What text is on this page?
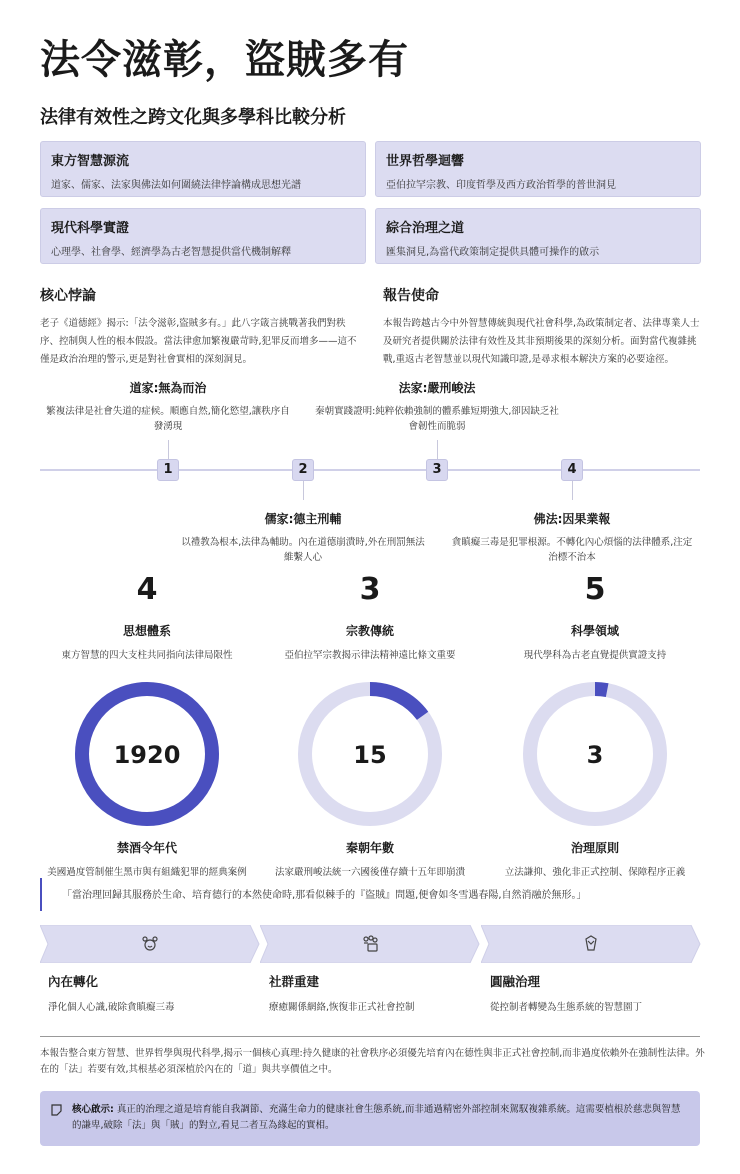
法令滋彰，盜賊多有
法律有效性之跨文化與多學科比較分析
東方智慧源流
道家、儒家、法家與佛法如何圍繞法律悖論構成思想光譜
世界哲學迴響
亞伯拉罕宗教、印度哲學及西方政治哲學的普世洞見
現代科學實證
心理學、社會學、經濟學為古老智慧提供當代機制解釋
綜合治理之道
匯集洞見,為當代政策制定提供具體可操作的啟示
核心悖論
老子《道德經》揭示:「法令滋彰,盜賊多有。」此八字箴言挑戰著我們對秩序、控制與人性的根本假設。當法律愈加繁複嚴苛時,犯罪反而增多——這不僅是政治治理的警示,更是對社會實相的深刻洞見。
報告使命
本報告跨越古今中外智慧傳統與現代社會科學,為政策制定者、法律專業人士及研究者提供關於法律有效性及其非預期後果的深刻分析。面對當代複雜挑戰,重返古老智慧並以現代知識印證,是尋求根本解決方案的必要途徑。
1	2	3	4
道家:無為而治
繁複法律是社會失道的症候。順應自然,簡化慾望,讓秩序自發湧現
儒家:德主刑輔
以禮教為根本,法律為輔助。內在道德崩潰時,外在刑罰無法維繫人心
法家:嚴刑峻法
秦朝實踐證明:純粹依賴強制的體系雖短期強大,卻因缺乏社會韌性而脆弱
佛法:因果業報
貪瞋癡三毒是犯罪根源。不轉化內心煩惱的法律體系,注定治標不治本
4
思想體系
東方智慧的四大支柱共同指向法律局限性
1920
禁酒令年代
美國過度管制催生黑市與有組織犯罪的經典案例
3
宗教傳統
亞伯拉罕宗教揭示律法精神遠比條文重要
15
秦朝年數
法家嚴刑峻法統一六國後僅存續十五年即崩潰
5
科學領域
現代學科為古老直覺提供實證支持
3
治理原則
立法謙抑、強化非正式控制、保障程序正義
「當治理回歸其服務於生命、培育德行的本然使命時,那看似棘手的『盜賊』問題,便會如冬雪遇春陽,自然消融於無形。」
內在轉化
淨化個人心識,破除貪瞋癡三毒
社群重建
療癒關係網絡,恢復非正式社會控制
圓融治理
從控制者轉變為生態系統的智慧園丁
本報告整合東方智慧、世界哲學與現代科學,揭示一個核心真理:持久健康的社會秩序必須優先培育內在德性與非正式社會控制,而非過度依賴外在強制性法律。外在的「法」若要有效,其根基必須深植於內在的「道」與共享價值之中。
核心啟示: 真正的治理之道是培育能自我調節、充滿生命力的健康社會生態系統,而非通過精密外部控制來駕馭複雜系統。這需要植根於慈悲與智慧的謙卑,破除「法」與「賊」的對立,看見二者互為緣起的實相。
